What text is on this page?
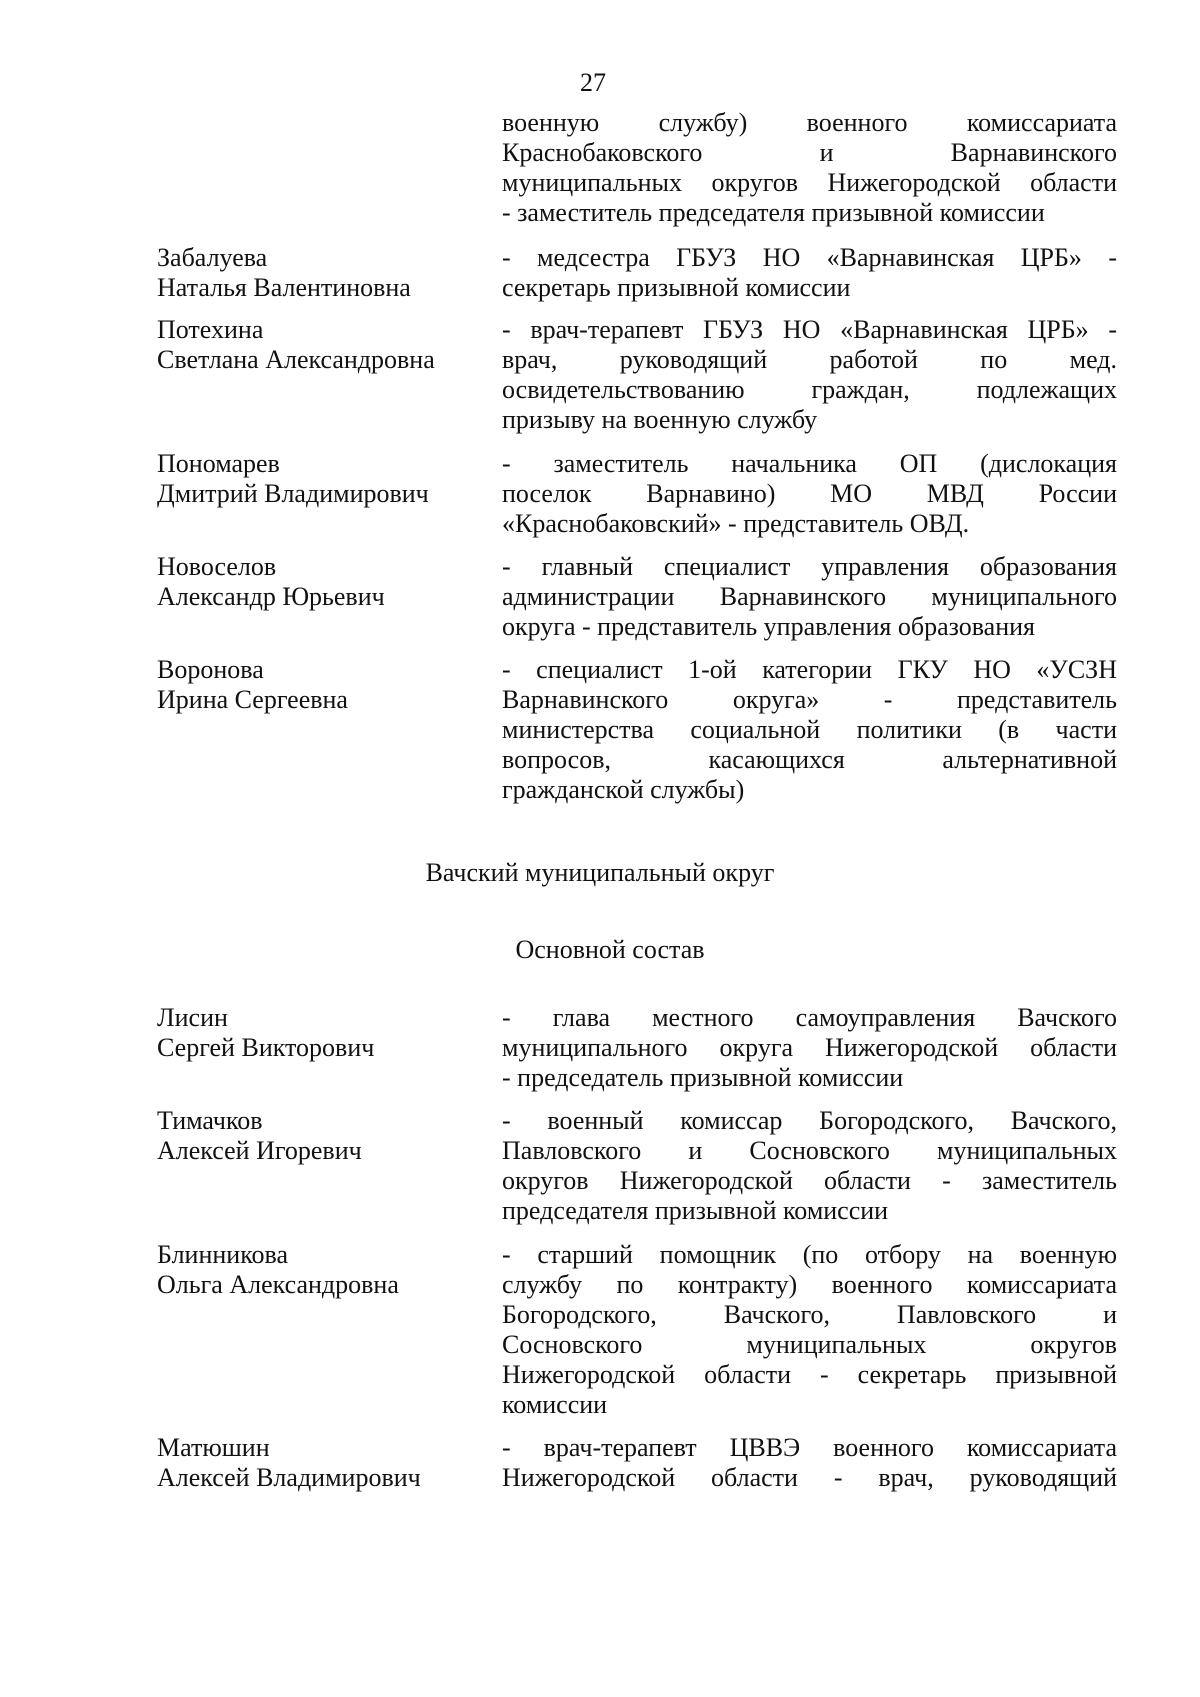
27
военную службу) военного комиссариата
Краснобаковского и Варнавинского
муниципальных округов Нижегородской области
- заместитель председателя призывной комиссии
Забалуева
Наталья Валентиновна
- медсестра ГБУЗ НО «Варнавинская ЦРБ» -
секретарь призывной комиссии
Потехина
Светлана Александровна
- врач-терапевт ГБУЗ НО «Варнавинская ЦРБ» -
врач, руководящий работой по мед.
освидетельствованию граждан, подлежащих
призыву на военную службу
Пономарев
Дмитрий Владимирович
- заместитель начальника ОП (дислокация
поселок Варнавино) МО МВД России
«Краснобаковский» - представитель ОВД.
Новоселов
Александр Юрьевич
- главный специалист управления образования
администрации Варнавинского муниципального
округа - представитель управления образования
Воронова
Ирина Сергеевна
- специалист 1-ой категории ГКУ НО «УСЗН
Варнавинского округа» - представитель
министерства социальной политики (в части
вопросов, касающихся альтернативной
гражданской службы)
Вачский муниципальный округ
Основной состав
Лисин
Сергей Викторович
- глава местного самоуправления Вачского
муниципального округа Нижегородской области
- председатель призывной комиссии
Тимачков
Алексей Игоревич
- военный комиссар Богородского, Вачского,
Павловского и Сосновского муниципальных
округов Нижегородской области - заместитель
председателя призывной комиссии
Блинникова
Ольга Александровна
- старший помощник (по отбору на военную
службу по контракту) военного комиссариата
Богородского, Вачского, Павловского и
Сосновского муниципальных округов
Нижегородской области - секретарь призывной
комиссии
Матюшин
Алексей Владимирович
- врач-терапевт ЦВВЭ военного комиссариата
Нижегородской области - врач, руководящий
